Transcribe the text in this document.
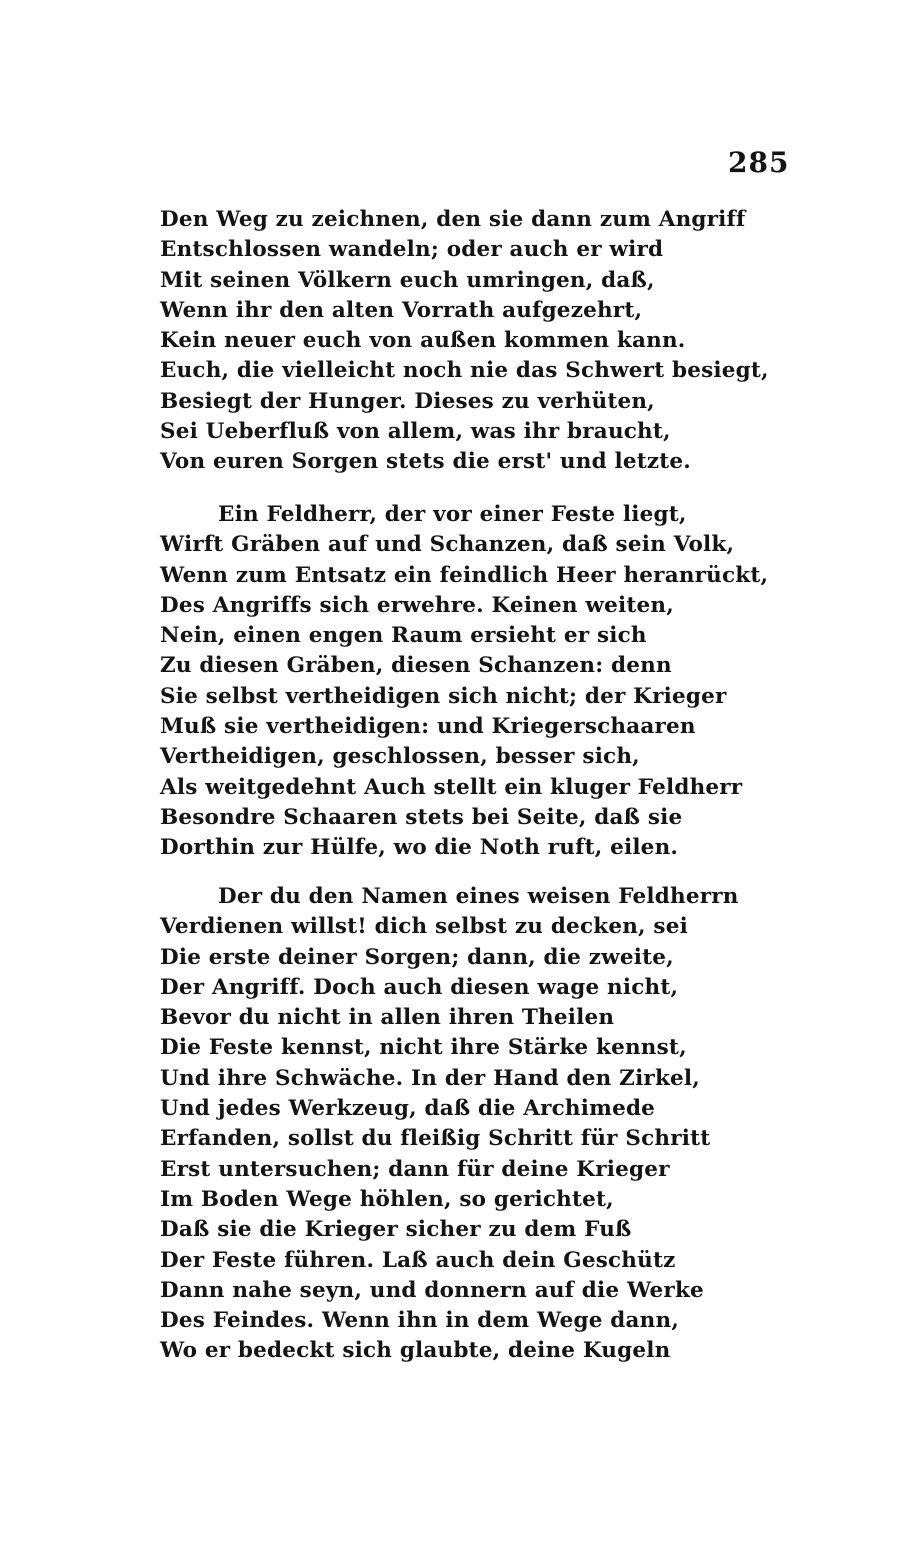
285
Den Weg zu zeichnen, den sie dann zum Angriff
Entschlossen wandeln; oder auch er wird
Mit seinen Völkern euch umringen, daß,
Wenn ihr den alten Vorrath aufgezehrt,
Kein neuer euch von außen kommen kann.
Euch, die vielleicht noch nie das Schwert besiegt,
Besiegt der Hunger. Dieses zu verhüten,
Sei Ueberfluß von allem, was ihr braucht,
Von euren Sorgen stets die erst' und letzte.
Ein Feldherr, der vor einer Feste liegt,
Wirft Gräben auf und Schanzen, daß sein Volk,
Wenn zum Entsatz ein feindlich Heer heranrückt,
Des Angriffs sich erwehre. Keinen weiten,
Nein, einen engen Raum ersieht er sich
Zu diesen Gräben, diesen Schanzen: denn
Sie selbst vertheidigen sich nicht; der Krieger
Muß sie vertheidigen: und Kriegerschaaren
Vertheidigen, geschlossen, besser sich,
Als weitgedehnt Auch stellt ein kluger Feldherr
Besondre Schaaren stets bei Seite, daß sie
Dorthin zur Hülfe, wo die Noth ruft, eilen.
Der du den Namen eines weisen Feldherrn
Verdienen willst! dich selbst zu decken, sei
Die erste deiner Sorgen; dann, die zweite,
Der Angriff. Doch auch diesen wage nicht,
Bevor du nicht in allen ihren Theilen
Die Feste kennst, nicht ihre Stärke kennst,
Und ihre Schwäche. In der Hand den Zirkel,
Und jedes Werkzeug, daß die Archimede
Erfanden, sollst du fleißig Schritt für Schritt
Erst untersuchen; dann für deine Krieger
Im Boden Wege höhlen, so gerichtet,
Daß sie die Krieger sicher zu dem Fuß
Der Feste führen. Laß auch dein Geschütz
Dann nahe seyn, und donnern auf die Werke
Des Feindes. Wenn ihn in dem Wege dann,
Wo er bedeckt sich glaubte, deine Kugeln
